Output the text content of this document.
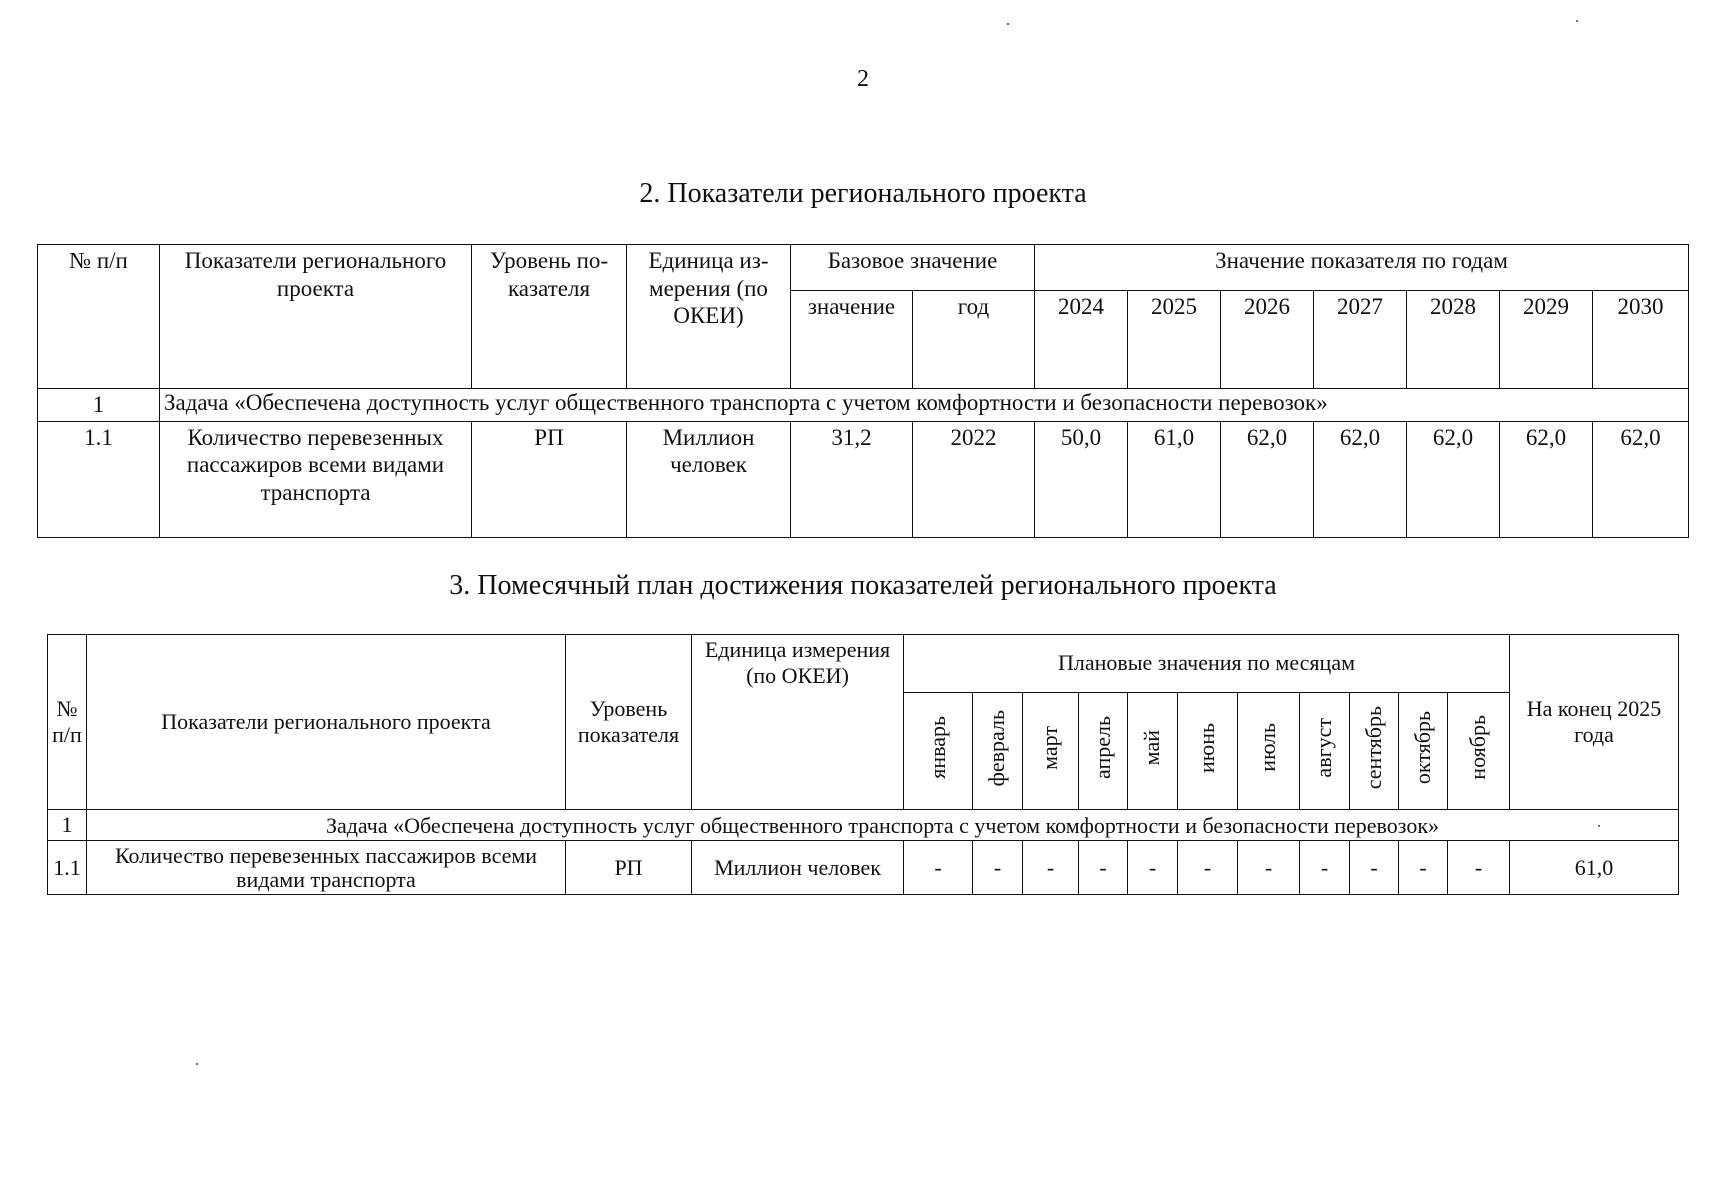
2
2. Показатели регионального проекта
№ п/п	Показатели регионального проекта	Уровень показателя	Единица измерения (по ОКЕИ)	Базовое значение		Значение показателя по годам						
				значение	год	2024	2025	2026	2027	2028	2029	2030
1	Задача «Обеспечена доступность услуг общественного транспорта с учетом комфортности и безопасности перевозок»											
1.1	Количество перевезенных пассажиров всеми видами транспорта	РП	Миллион человек	31,2	2022	50,0	61,0	62,0	62,0	62,0	62,0	62,0
3. Помесячный план достижения показателей регионального проекта
№ п/п	Показатели регионального проекта	Уровень показателя	Единица измерения (по ОКЕИ)	Плановые значения по месяцам											На конец 2025 года
				январь	февраль	март	апрель	май	июнь	июль	август	сентябрь	октябрь	ноябрь	
1	Задача «Обеспечена доступность услуг общественного транспорта с учетом комфортности и безопасности перевозок»														
1.1	Количество перевезенных пассажиров всеми видами транспорта	РП	Миллион человек	-	-	-	-	-	-	-	-	-	-	-	61,0
